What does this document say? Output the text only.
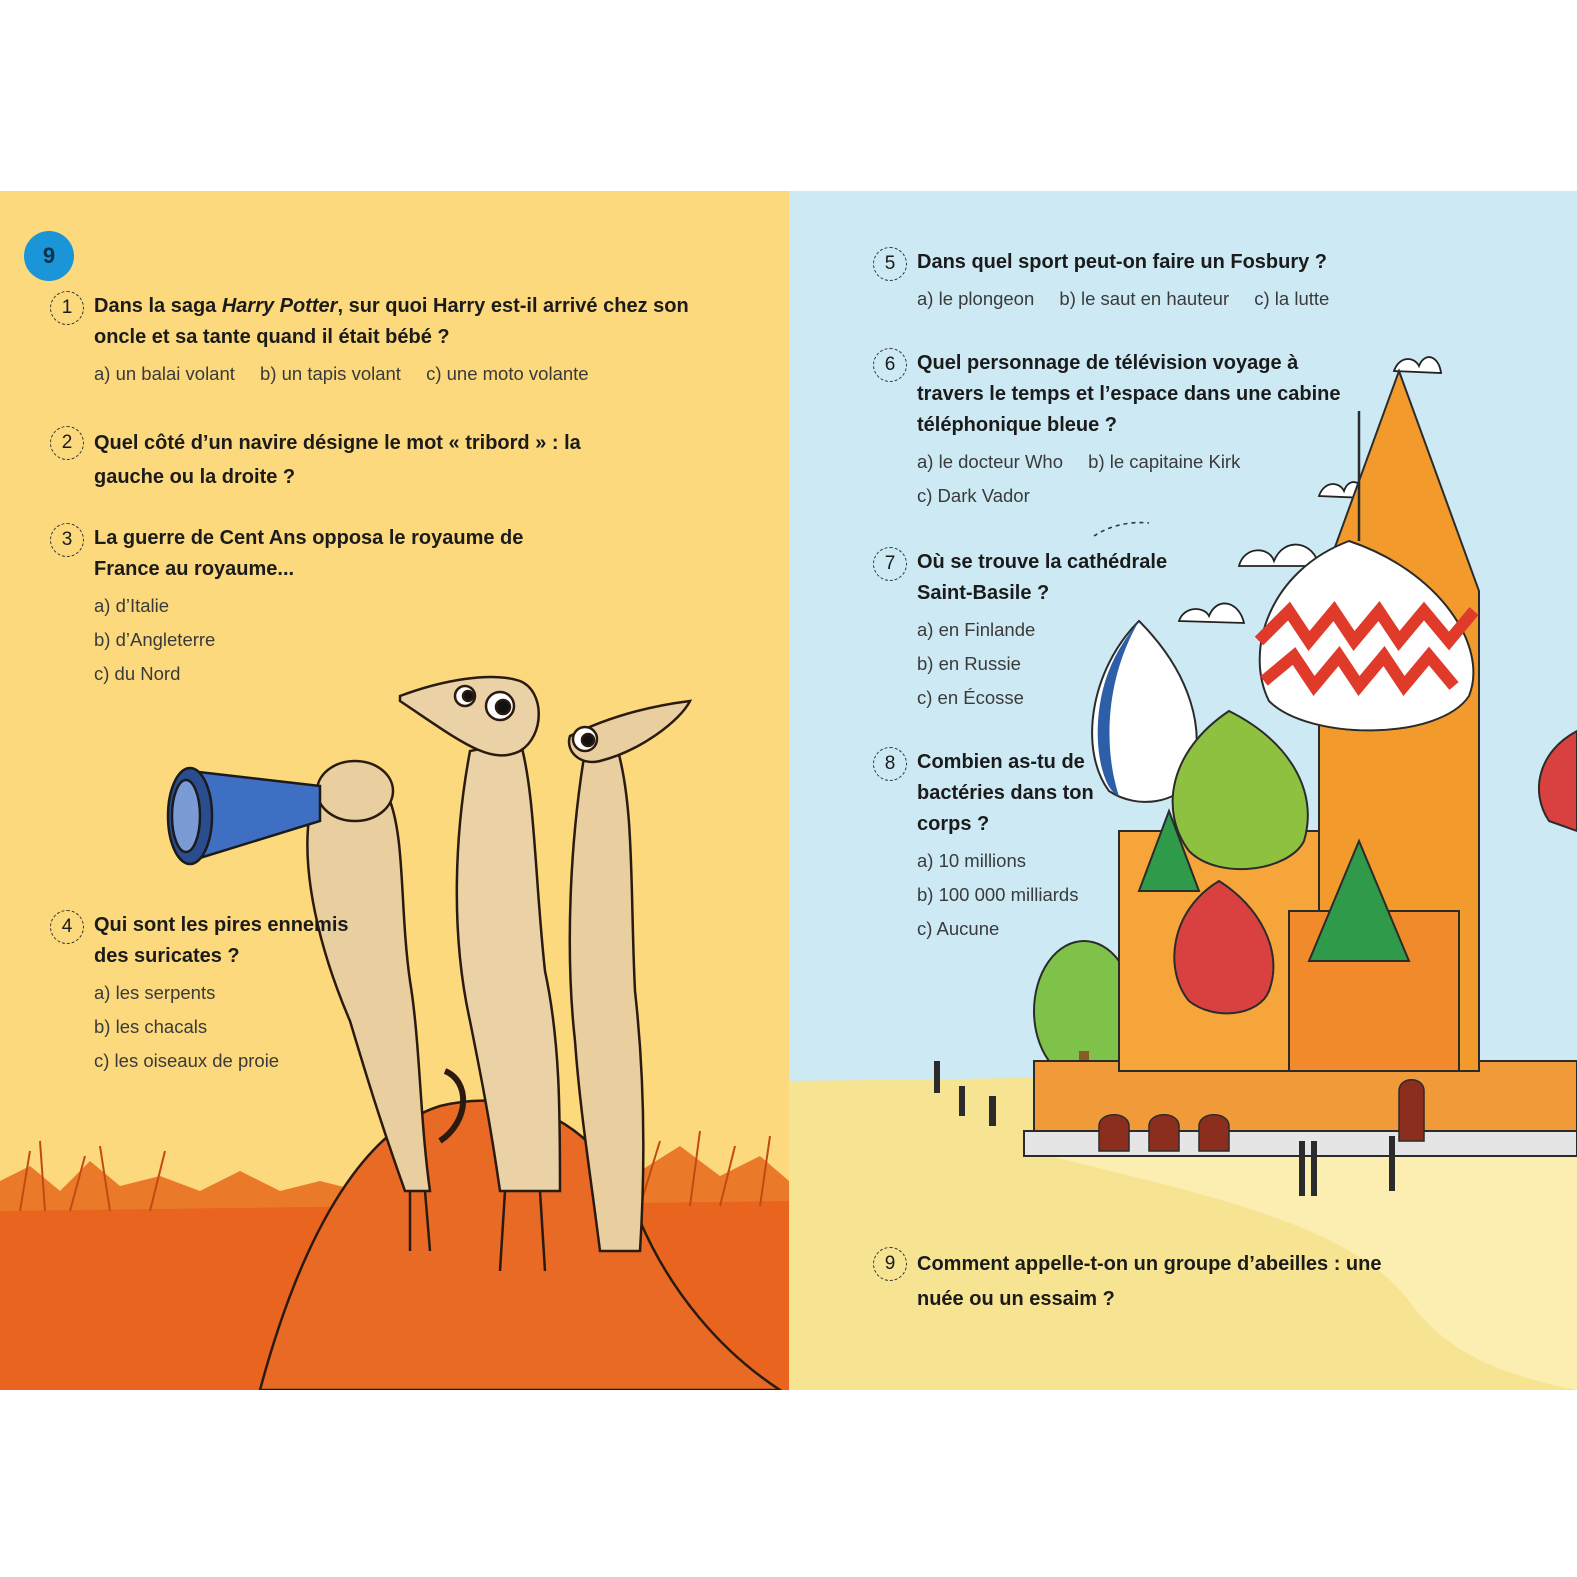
9
1	Dans la saga Harry Potter, sur quoi Harry est-il arrivé chez son oncle et sa tante quand il était bébé ?
a) un balai volant b) un tapis volant c) une moto volante
2	Quel côté d’un navire désigne le mot « tribord » : la gauche ou la droite ?
3	La guerre de Cent Ans opposa le royaume de France au royaume...
a) d’Italie
b) d’Angleterre
c) du Nord
4	Qui sont les pires ennemis des suricates ?
a) les serpents
b) les chacals
c) les oiseaux de proie
5	Dans quel sport peut-on faire un Fosbury ?
a) le plongeon b) le saut en hauteur c) la lutte
6	Quel personnage de télévision voyage à travers le temps et l’espace dans une cabine téléphonique bleue ?
a) le docteur Who b) le capitaine Kirk c) Dark Vador
7	Où se trouve la cathédrale Saint-Basile ?
a) en Finlande
b) en Russie
c) en Écosse
8	Combien as-tu de bactéries dans ton corps ?
a) 10 millions
b) 100 000 milliards
c) Aucune
9	Comment appelle-t-on un groupe d’abeilles : une nuée ou un essaim ?
